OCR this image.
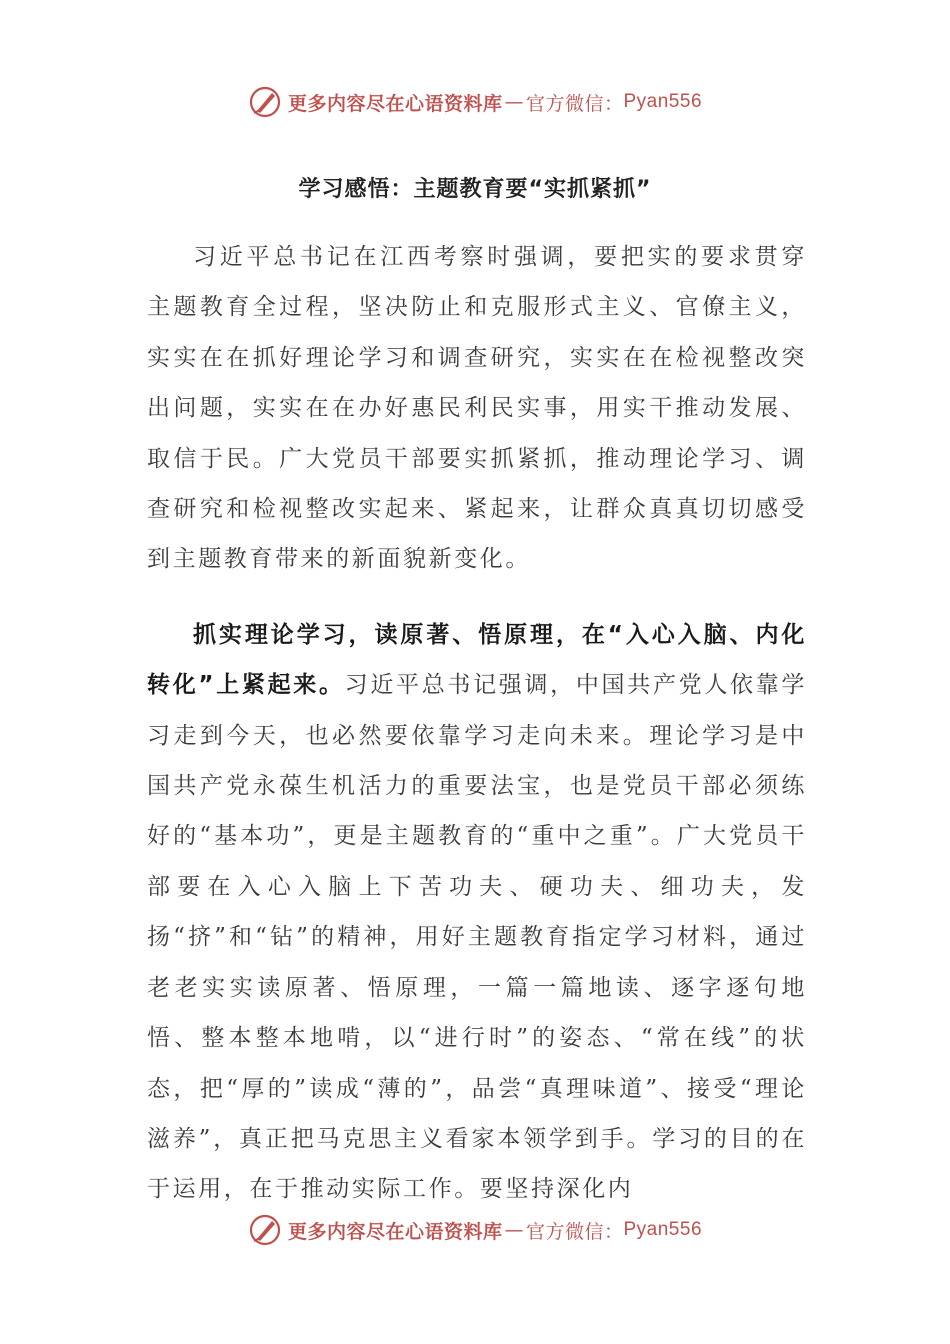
更多内容尽在心语资料库 — 官方微信： Pyan556
学习感悟：主题教育要“实抓紧抓”

习近平总书记在江西考察时强调，要把实的要求贯穿主题教育全过程，坚决防止和克服形式主义、官僚主义，实实在在抓好理论学习和调查研究，实实在在检视整改突出问题，实实在在办好惠民利民实事，用实干推动发展、取信于民。广大党员干部要实抓紧抓，推动理论学习、调查研究和检视整改实起来、紧起来，让群众真真切切感受到主题教育带来的新面貌新变化。

抓实理论学习，读原著、悟原理，在“入心入脑、内化转化”上紧起来。习近平总书记强调，中国共产党人依靠学习走到今天，也必然要依靠学习走向未来。理论学习是中国共产党永葆生机活力的重要法宝，也是党员干部必须练好的“基本功”，更是主题教育的“重中之重”。广大党员干部要在入心入脑上下苦功夫、硬功夫、细功夫，发扬“挤”和“钻”的精神，用好主题教育指定学习材料，通过老老实实读原著、悟原理，一篇一篇地读、逐字逐句地悟、整本整本地啃，以“进行时”的姿态、“常在线”的状态，把“厚的”读成“薄的”，品尝“真理味道”、接受“理论滋养”，真正把马克思主义看家本领学到手。学习的目的在于运用，在于推动实际工作。要坚持深化内

更多内容尽在心语资料库 — 官方微信： Pyan556
